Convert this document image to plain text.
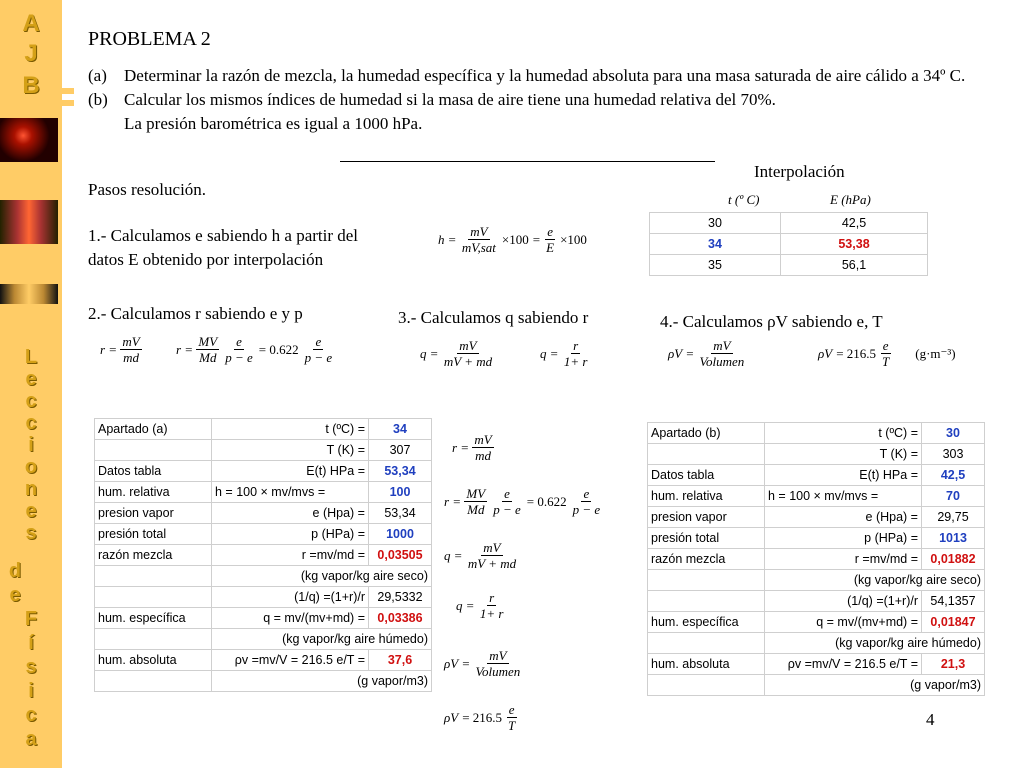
A
J
B
L
e
c
c
i
o
n
e
s
d
e
F
í
s
i
c
a
PROBLEMA 2
(a)	Determinar la razón de mezcla, la humedad específica y la humedad absoluta para una masa saturada de aire cálido a 34º C.
(b) Calcular los mismos índices de humedad si la masa de aire tiene una humedad relativa del 70%.
La presión barométrica es igual a 1000 hPa.
Interpolación
t (º C)	E (hPa)
30	42,5
34	53,38
35	56,1
Pasos resolución.
1.- Calculamos e sabiendo h a partir del
datos E obtenido por interpolación
2.- Calculamos r sabiendo e y p	3.- Calculamos q sabiendo r	4.- Calculamos ρV sabiendo e, T
$h = \frac{mV}{\text{mV,sat}} \times 100 = \frac{e}{E} \times 100$
$r = \frac{mV}{md}$	$r = \frac{MV}{Md} \frac{e}{p - e} = 0.622 \frac{e}{p - e}$	$q = \frac{mV}{mV + md}$	$q = \frac{r}{1+ r}$	$\rho V = \frac{mV}{\text{Volumen}}$	$\rho V = 216.5 \frac{e}{T} (g\cdot m^{-3})$
Apartado (a)	t (ºC) =	34
	T (K) =	307
Datos tabla	E(t) HPa =	53,34
hum. relativa	h = 100 × mv/mvs =	100
presion vapor	e (Hpa) =	53,34
presión total	p (HPa) =	1000
razón mezcla	r =mv/md =	0,03505
	(kg vapor/kg aire seco)	
	(1/q) =(1+r)/r	29,5332
hum. específica	q = mv/(mv+md) =	0,03386
	(kg vapor/kg aire húmedo)	
hum. absoluta	ρv =mv/V = 216.5 e/T =	37,6
	(g vapor/m3)	
$r = \frac{mV}{md}$
$r = \frac{MV}{Md} \frac{e}{p - e} = 0.622 \frac{e}{p - e}$
$q = \frac{mV}{mV + md}$
$q = \frac{r}{1+ r}$
$\rho V = \frac{mV}{\text{Volumen}}$
$\rho V = 216.5 \frac{e}{T}$
Apartado (b)	t (ºC) =	30
	T (K) =	303
Datos tabla	E(t) HPa =	42,5
hum. relativa	h = 100 × mv/mvs =	70
presion vapor	e (Hpa) =	29,75
presión total	p (HPa) =	1013
razón mezcla	r =mv/md =	0,01882
	(kg vapor/kg aire seco)	
	(1/q) =(1+r)/r	54,1357
hum. específica	q = mv/(mv+md) =	0,01847
	(kg vapor/kg aire húmedo)	
hum. absoluta	ρv =mv/V = 216.5 e/T =	21,3
	(g vapor/m3)	
4
